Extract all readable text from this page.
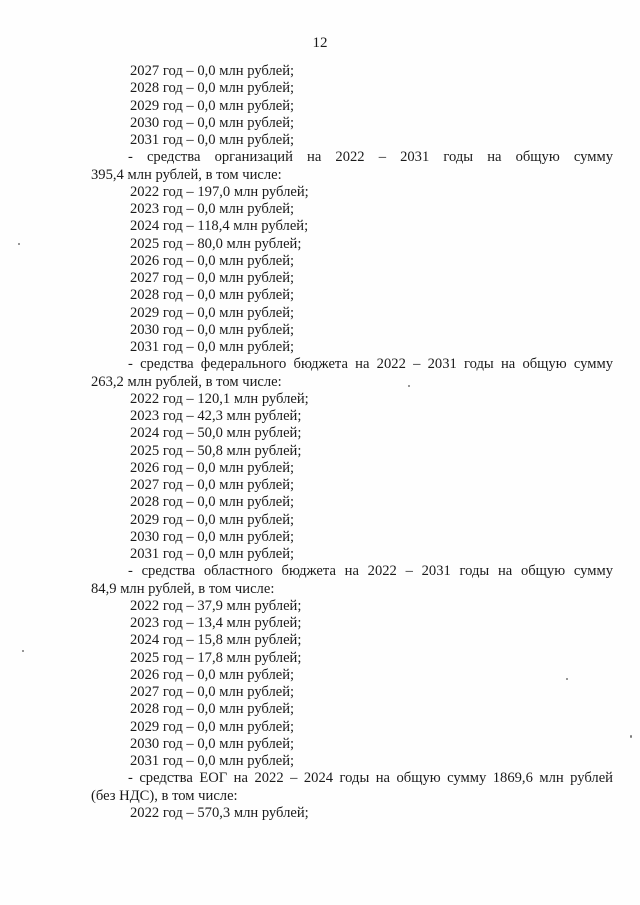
12
2027 год – 0,0 млн рублей;
2028 год – 0,0 млн рублей;
2029 год – 0,0 млн рублей;
2030 год – 0,0 млн рублей;
2031 год – 0,0 млн рублей;
- средства организаций на 2022 – 2031 годы на общую сумму
395,4 млн рублей, в том числе:
2022 год – 197,0 млн рублей;
2023 год – 0,0 млн рублей;
2024 год – 118,4 млн рублей;
2025 год – 80,0 млн рублей;
2026 год – 0,0 млн рублей;
2027 год – 0,0 млн рублей;
2028 год – 0,0 млн рублей;
2029 год – 0,0 млн рублей;
2030 год – 0,0 млн рублей;
2031 год – 0,0 млн рублей;
- средства федерального бюджета на 2022 – 2031 годы на общую сумму
263,2 млн рублей, в том числе:
2022 год – 120,1 млн рублей;
2023 год – 42,3 млн рублей;
2024 год – 50,0 млн рублей;
2025 год – 50,8 млн рублей;
2026 год – 0,0 млн рублей;
2027 год – 0,0 млн рублей;
2028 год – 0,0 млн рублей;
2029 год – 0,0 млн рублей;
2030 год – 0,0 млн рублей;
2031 год – 0,0 млн рублей;
- средства областного бюджета на 2022 – 2031 годы на общую сумму
84,9 млн рублей, в том числе:
2022 год – 37,9 млн рублей;
2023 год – 13,4 млн рублей;
2024 год – 15,8 млн рублей;
2025 год – 17,8 млн рублей;
2026 год – 0,0 млн рублей;
2027 год – 0,0 млн рублей;
2028 год – 0,0 млн рублей;
2029 год – 0,0 млн рублей;
2030 год – 0,0 млн рублей;
2031 год – 0,0 млн рублей;
- средства ЕОГ на 2022 – 2024 годы на общую сумму 1869,6 млн рублей
(без НДС), в том числе:
2022 год – 570,3 млн рублей;
